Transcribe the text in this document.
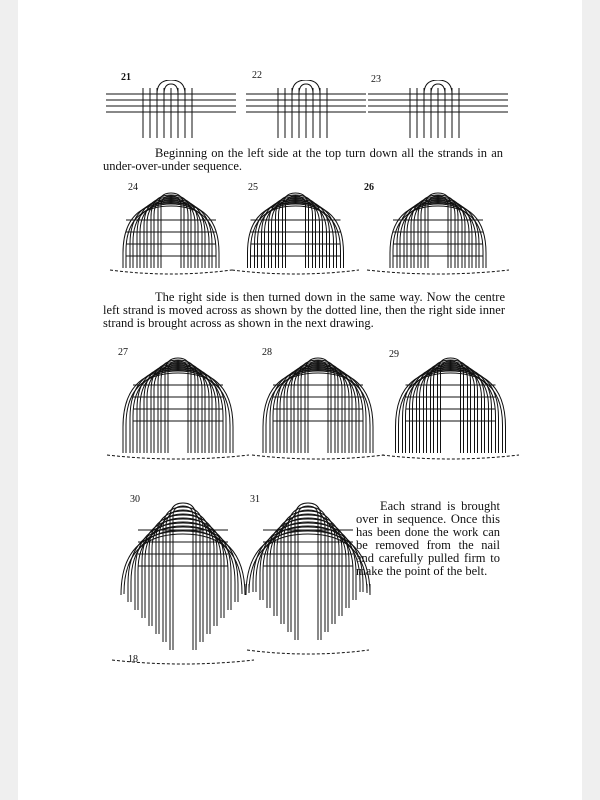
21	22	23

Beginning on the left side at the top turn down all the strands in an under-over-under sequence.

24	25	26

The right side is then turned down in the same way. Now the centre left strand is moved across as shown by the dotted line, then the right side inner strand is brought across as shown in the next drawing.

27	28	29
30
18
31	Each strand is brought over in sequence. Once this has been done the work can be removed from the nail and carefully pulled firm to make the point of the belt.
